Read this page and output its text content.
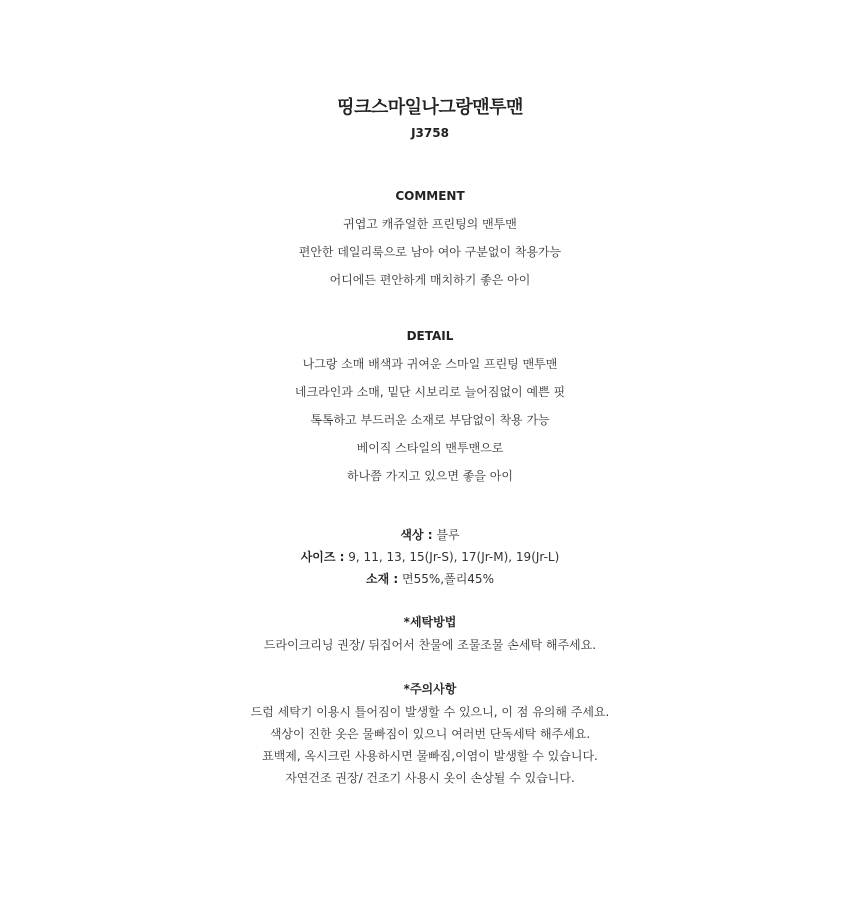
띵크스마일나그랑맨투맨
J3758
COMMENT
귀엽고 캐쥬얼한 프린팅의 맨투맨
편안한 데일리룩으로 남아 여아 구분없이 착용가능
어디에든 편안하게 매치하기 좋은 아이
DETAIL
나그랑 소매 배색과 귀여운 스마일 프린팅 맨투맨
네크라인과 소매, 밑단 시보리로 늘어짐없이 예쁜 핏
톡톡하고 부드러운 소재로 부담없이 착용 가능
베이직 스타일의 맨투맨으로
하나쯤 가지고 있으면 좋을 아이
색상 : 블루
사이즈 : 9, 11, 13, 15(Jr-S), 17(Jr-M), 19(Jr-L)
소재 : 면55%,폴리45%
*세탁방법
드라이크리닝 권장/ 뒤집어서 찬물에 조물조물 손세탁 해주세요.
*주의사항
드럼 세탁기 이용시 틀어짐이 발생할 수 있으니, 이 점 유의해 주세요.
색상이 진한 옷은 물빠짐이 있으니 여러번 단독세탁 해주세요.
표백제, 옥시크린 사용하시면 물빠짐,이염이 발생할 수 있습니다.
자연건조 권장/ 건조기 사용시 옷이 손상될 수 있습니다.
